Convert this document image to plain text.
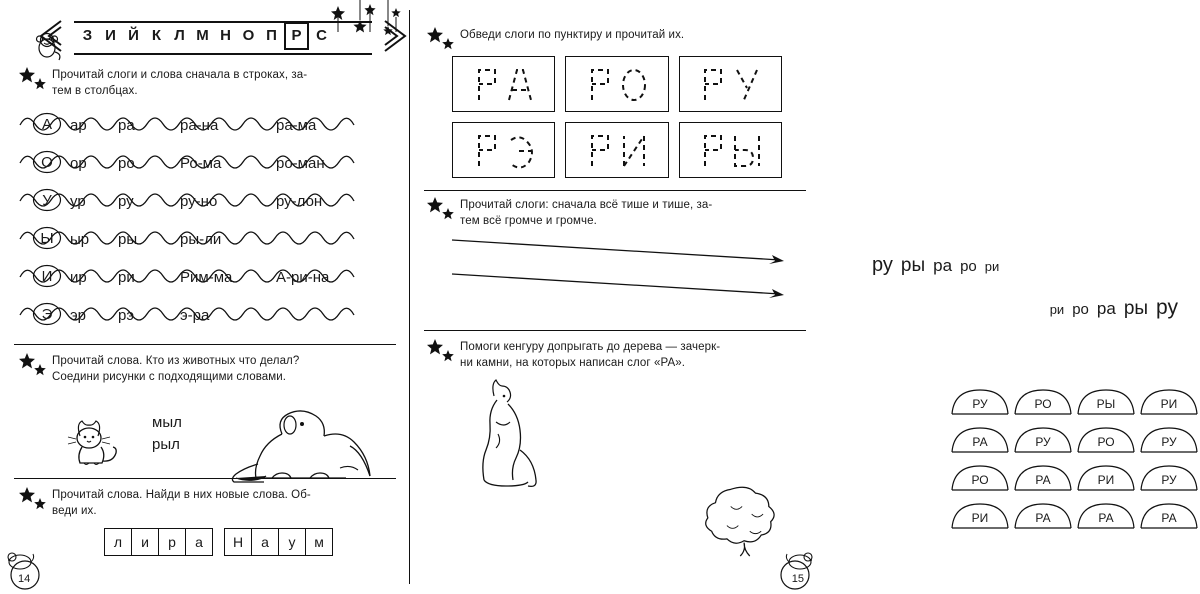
З И Й К Л М Н О П Р С
Прочитай слоги и слова сначала в строках, за-
тем в столбцах.
А ар	ра	ра-на	ра-ма
О ор	ро	Ро-ма	ро-ман
У ур	ру	ру-но	ру-лон
Ы ыр	ры	ры-ли
И ир	ри	Рим-ма	А-ри-на
Э эр	рэ	э-ра
Прочитай слова. Кто из животных что делал?
Соедини рисунки с подходящими словами.
мыл
рыл
Прочитай слова. Найди в них новые слова. Об-
веди их.
л	и	р	а	Н	а	у	м
14
Обведи слоги по пунктиру и прочитай их.
Прочитай слоги: сначала всё тише и тише, за-
тем всё громче и громче.
ру ры ра ро ри
ри ро ра ры ру
Помоги кенгуру допрыгать до дерева — зачерк-
ни камни, на которых написан слог «РА».
РУ	РО	РЫ	РИ
РА	РУ	РО	РУ
РО	РА	РИ	РУ
РИ	РА	РА	РА
15
